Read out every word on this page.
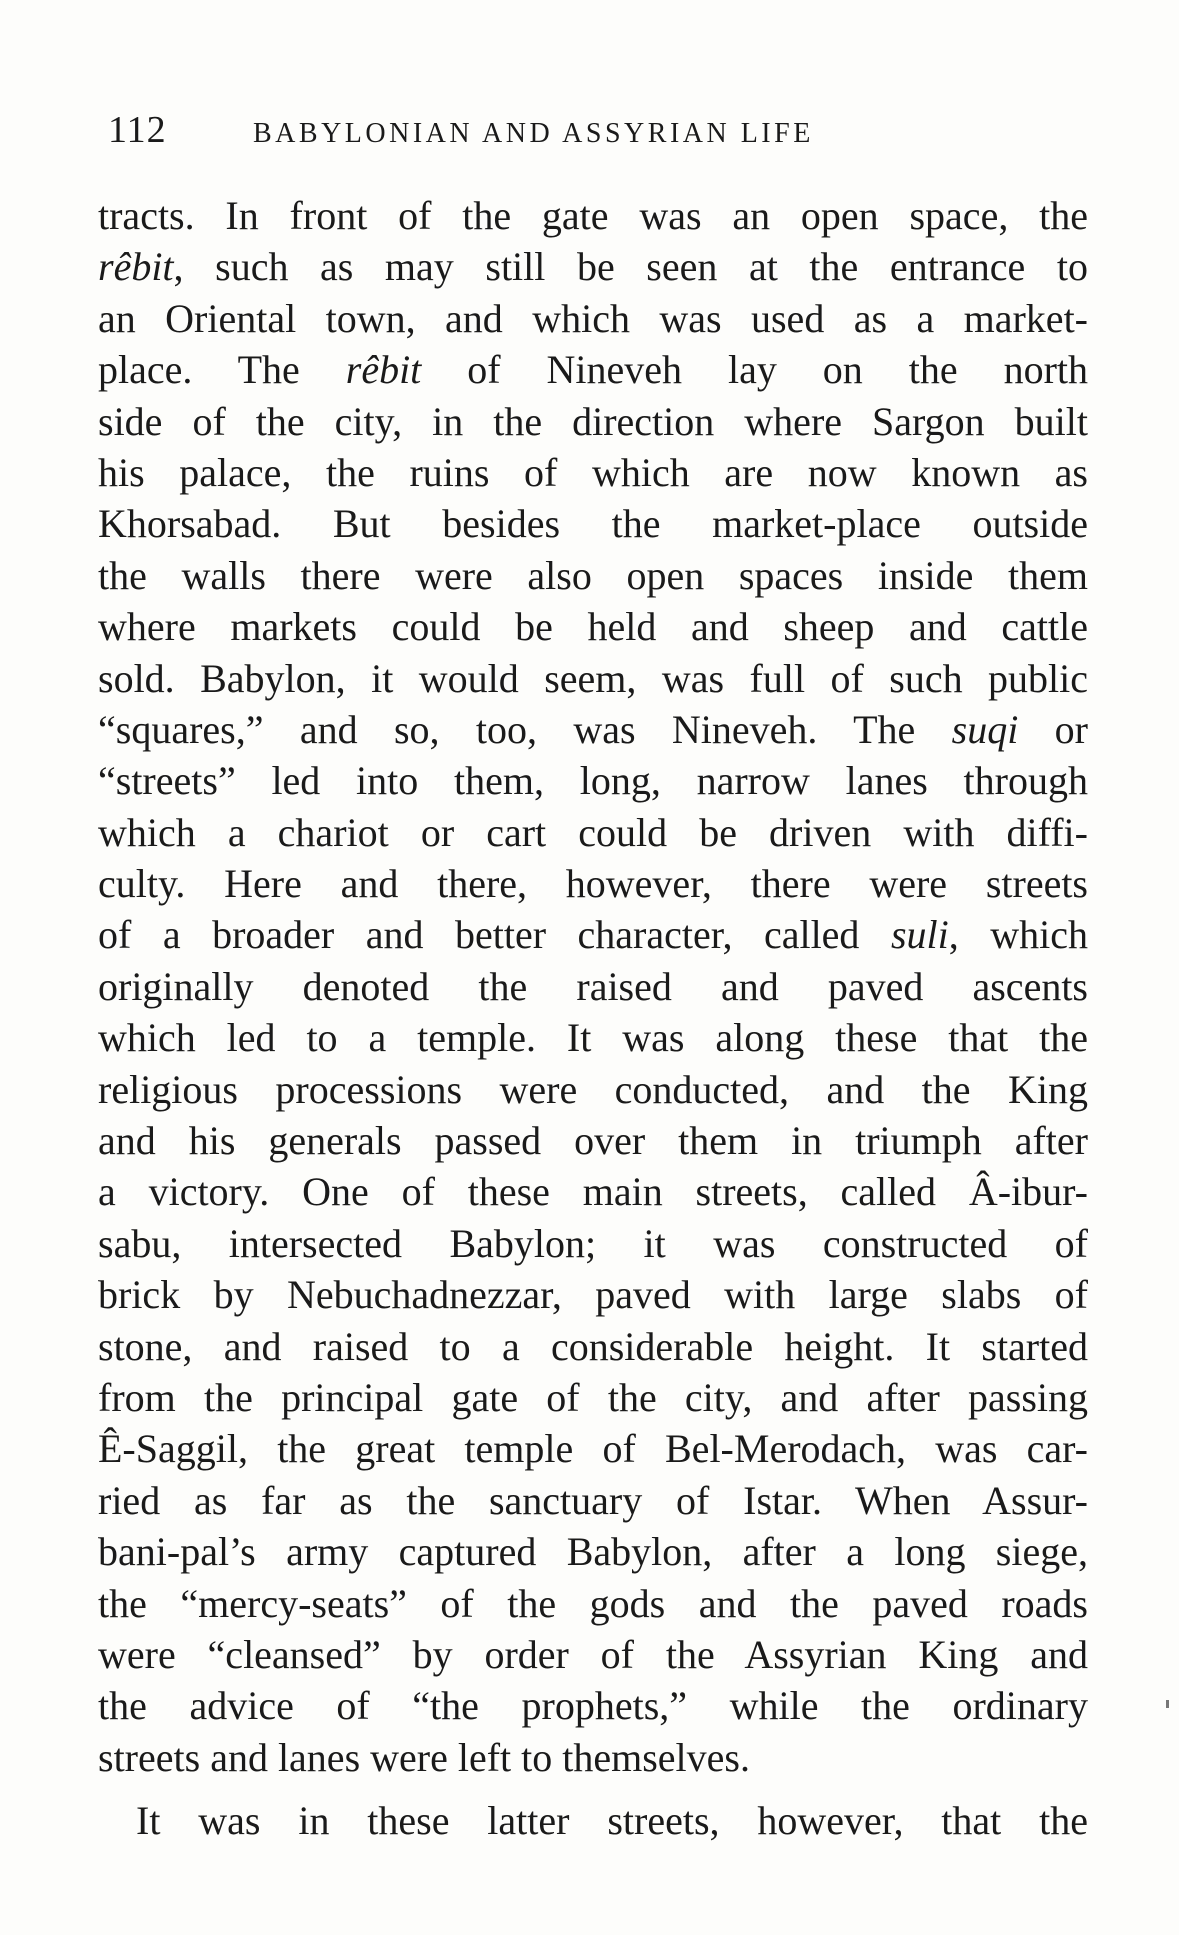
112	BABYLONIAN AND ASSYRIAN LIFE
tracts. In front of the gate was an open space, the
rêbit, such as may still be seen at the entrance to
an Oriental town, and which was used as a market-
place. The rêbit of Nineveh lay on the north
side of the city, in the direction where Sargon built
his palace, the ruins of which are now known as
Khorsabad. But besides the market-place outside
the walls there were also open spaces inside them
where markets could be held and sheep and cattle
sold. Babylon, it would seem, was full of such public
“squares,” and so, too, was Nineveh. The suqi or
“streets” led into them, long, narrow lanes through
which a chariot or cart could be driven with diffi-
culty. Here and there, however, there were streets
of a broader and better character, called suli, which
originally denoted the raised and paved ascents
which led to a temple. It was along these that the
religious processions were conducted, and the King
and his generals passed over them in triumph after
a victory. One of these main streets, called Â-ibur-
sabu, intersected Babylon; it was constructed of
brick by Nebuchadnezzar, paved with large slabs of
stone, and raised to a considerable height. It started
from the principal gate of the city, and after passing
Ê-Saggil, the great temple of Bel-Merodach, was car-
ried as far as the sanctuary of Istar. When Assur-
bani-pal’s army captured Babylon, after a long siege,
the “mercy-seats” of the gods and the paved roads
were “cleansed” by order of the Assyrian King and
the advice of “the prophets,” while the ordinary
streets and lanes were left to themselves.
It was in these latter streets, however, that the
